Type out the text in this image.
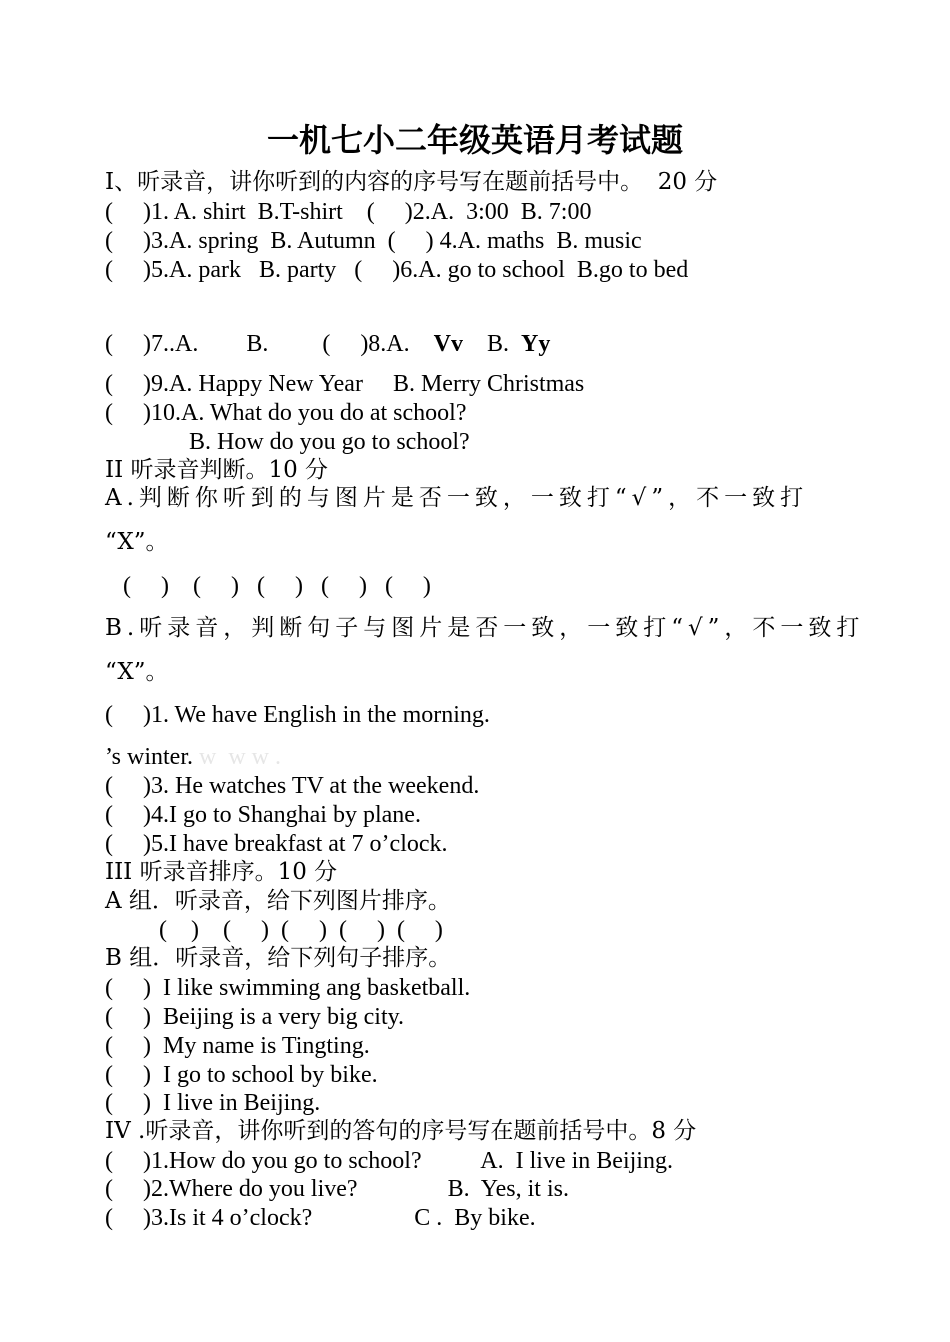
一机七小二年级英语月考试题
I、听录音，讲你听到的内容的序号写在题前括号中。  20 分
(     )1. A. shirt  B.T-shirt    (     )2.A.  3:00  B. 7:00
(     )3.A. spring  B. Autumn  (     ) 4.A. maths  B. music
(     )5.A. park   B. party   (     )6.A. go to school  B.go to bed
(     )7..A.        B.         (     )8.A.    Vv    B.  Yy
(     )9.A. Happy New Year     B. Merry Christmas
(     )10.A. What do you do at school?
B. How do you go to school?
II 听录音判断。10 分
A.判断你听到的与图片是否一致，一致打“√”，不一致打
“X”。
(     )    (     )   (     )   (     )   (     )
B.听录音，判断句子与图片是否一致，一致打“√”，不一致打
“X”。
(     )1. We have English in the morning.
’s winter. w  w w .
(     )3. He watches TV at the weekend.
(     )4.I go to Shanghai by plane.
(     )5.I have breakfast at 7 o’clock.
III 听录音排序。10 分
A 组．听录音，给下列图片排序。
(    )    (     )  (     )  (     )  (     )
B 组．听录音，给下列句子排序。
(     )  I like swimming ang basketball.
(     )  Beijing is a very big city.
(     )  My name is Tingting.
(     )  I go to school by bike.
(     )  I live in Beijing.
IV .听录音，讲你听到的答句的序号写在题前括号中。8 分
(     )1.How do you go to school?          A.  I live in Beijing.
(     )2.Where do you live?               B.  Yes, it is.
(     )3.Is it 4 o’clock?                 C .  By bike.
